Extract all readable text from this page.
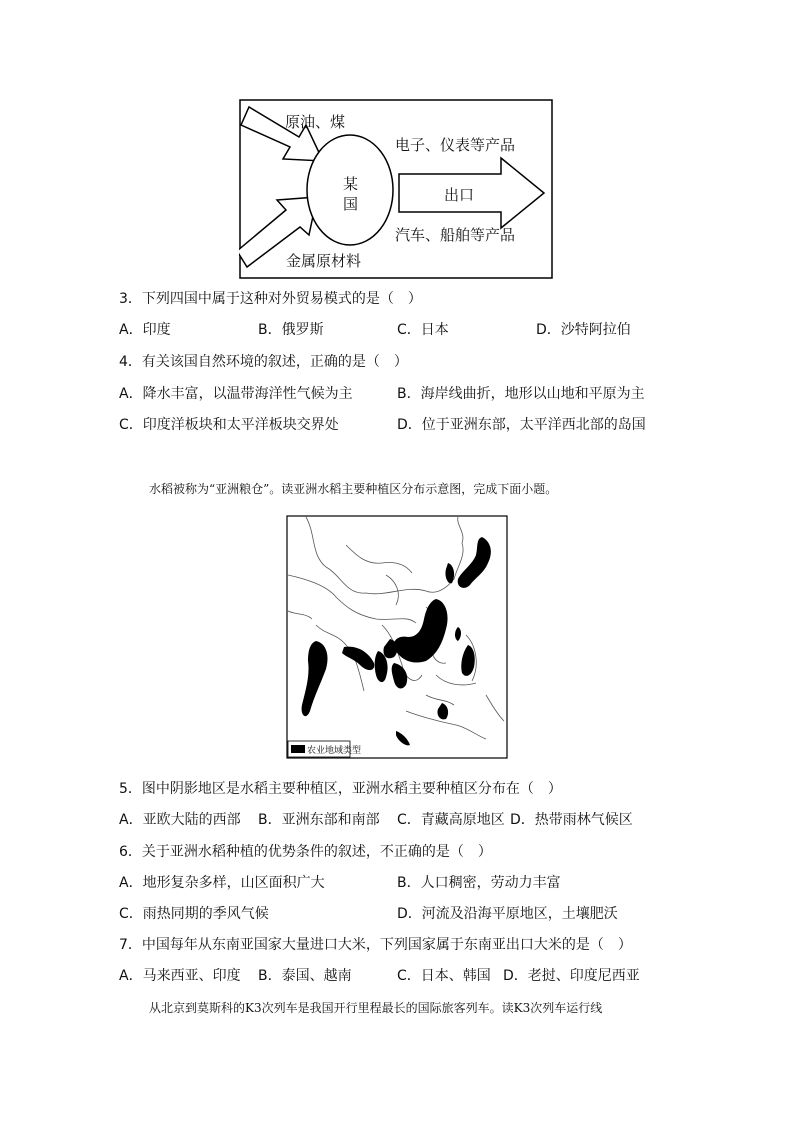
原油、煤
金属原材料
某
国
电子、仪表等产品
出口
汽车、船舶等产品
3．下列四国中属于这种对外贸易模式的是（　）
A．印度	B．俄罗斯	C．日本	D．沙特阿拉伯
4．有关该国自然环境的叙述，正确的是（　）
A．降水丰富，以温带海洋性气候为主	B．海岸线曲折，地形以山地和平原为主
C．印度洋板块和太平洋板块交界处	D．位于亚洲东部，太平洋西北部的岛国
水稻被称为“亚洲粮仓”。读亚洲水稻主要种植区分布示意图，完成下面小题。
农业地域类型
5．图中阴影地区是水稻主要种植区，亚洲水稻主要种植区分布在（　）
A．亚欧大陆的西部 B．亚洲东部和南部 C．青藏高原地区 D．热带雨林气候区
6．关于亚洲水稻种植的优势条件的叙述，不正确的是（　）
A．地形复杂多样，山区面积广大	B．人口稠密，劳动力丰富
C．雨热同期的季风气候	D．河流及沿海平原地区，土壤肥沃
7．中国每年从东南亚国家大量进口大米，下列国家属于东南亚出口大米的是（　）
A．马来西亚、印度 B．泰国、越南	C．日本、韩国 D．老挝、印度尼西亚
从北京到莫斯科的K3次列车是我国开行里程最长的国际旅客列车。读K3次列车运行线
